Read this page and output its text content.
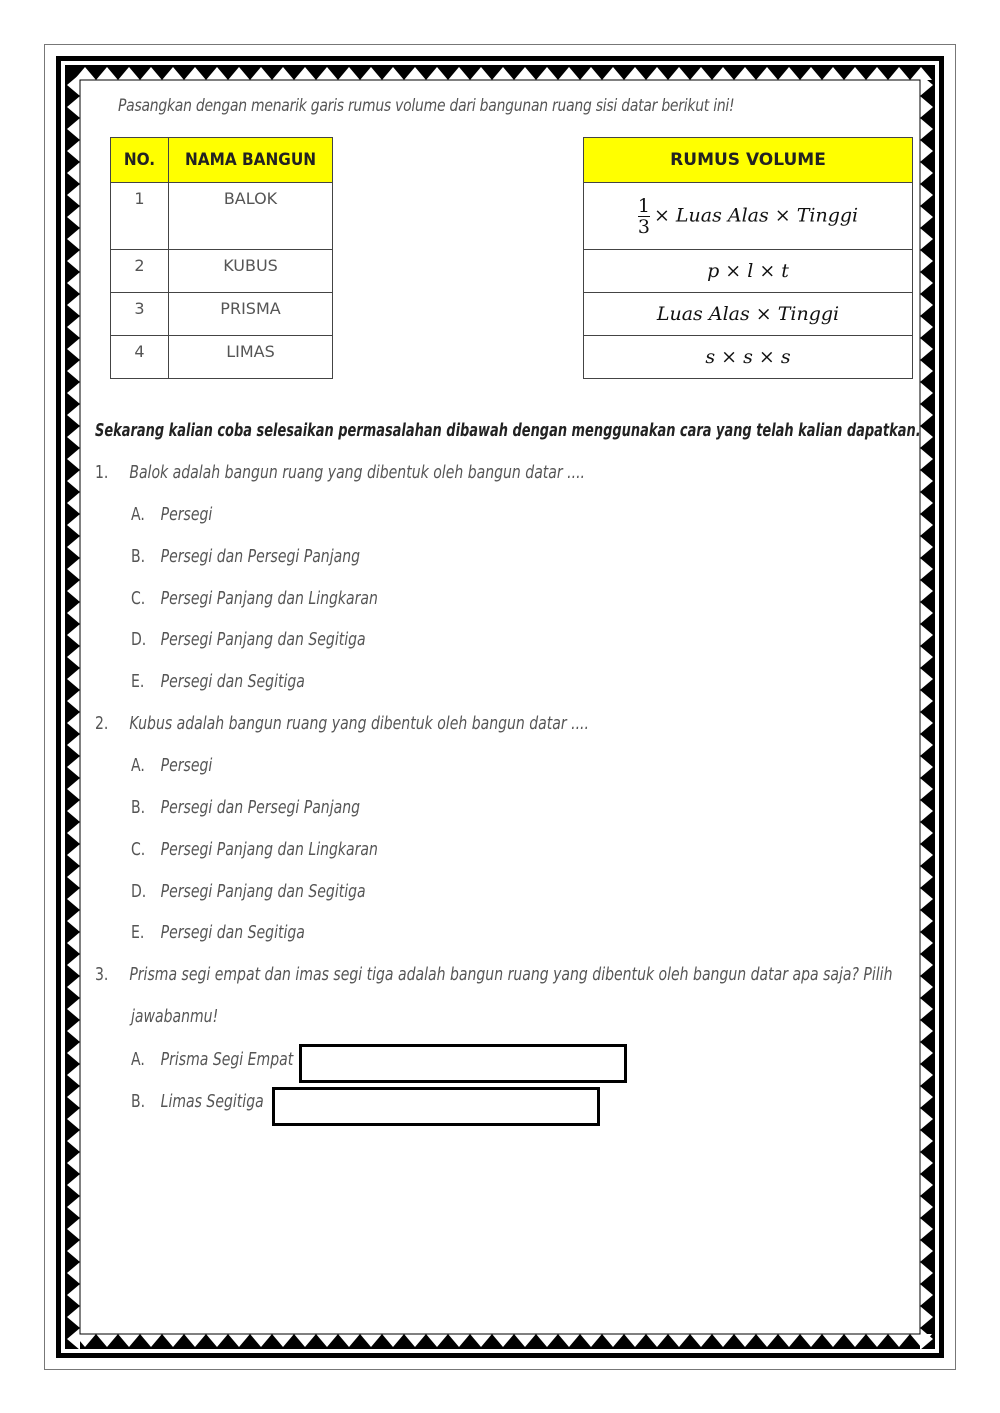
Pasangkan dengan menarik garis rumus volume dari bangunan ruang sisi datar berikut ini!
NO.	NAMA BANGUN
1	BALOK
2	KUBUS
3	PRISMA
4	LIMAS
RUMUS VOLUME

$\frac{1}{3}$ × Luas Alas × Tinggi
p × l × t
Luas Alas × Tinggi
s × s × s
Sekarang kalian coba selesaikan permasalahan dibawah dengan menggunakan cara yang telah kalian dapatkan.
1. Balok adalah bangun ruang yang dibentuk oleh bangun datar ....
A. Persegi
B. Persegi dan Persegi Panjang
C. Persegi Panjang dan Lingkaran
D. Persegi Panjang dan Segitiga
E. Persegi dan Segitiga
2. Kubus adalah bangun ruang yang dibentuk oleh bangun datar ....
A. Persegi
B. Persegi dan Persegi Panjang
C. Persegi Panjang dan Lingkaran
D. Persegi Panjang dan Segitiga
E. Persegi dan Segitiga
3. Prisma segi empat dan imas segi tiga adalah bangun ruang yang dibentuk oleh bangun datar apa saja? Pilih
jawabanmu!
A. Prisma Segi Empat
B. Limas Segitiga
